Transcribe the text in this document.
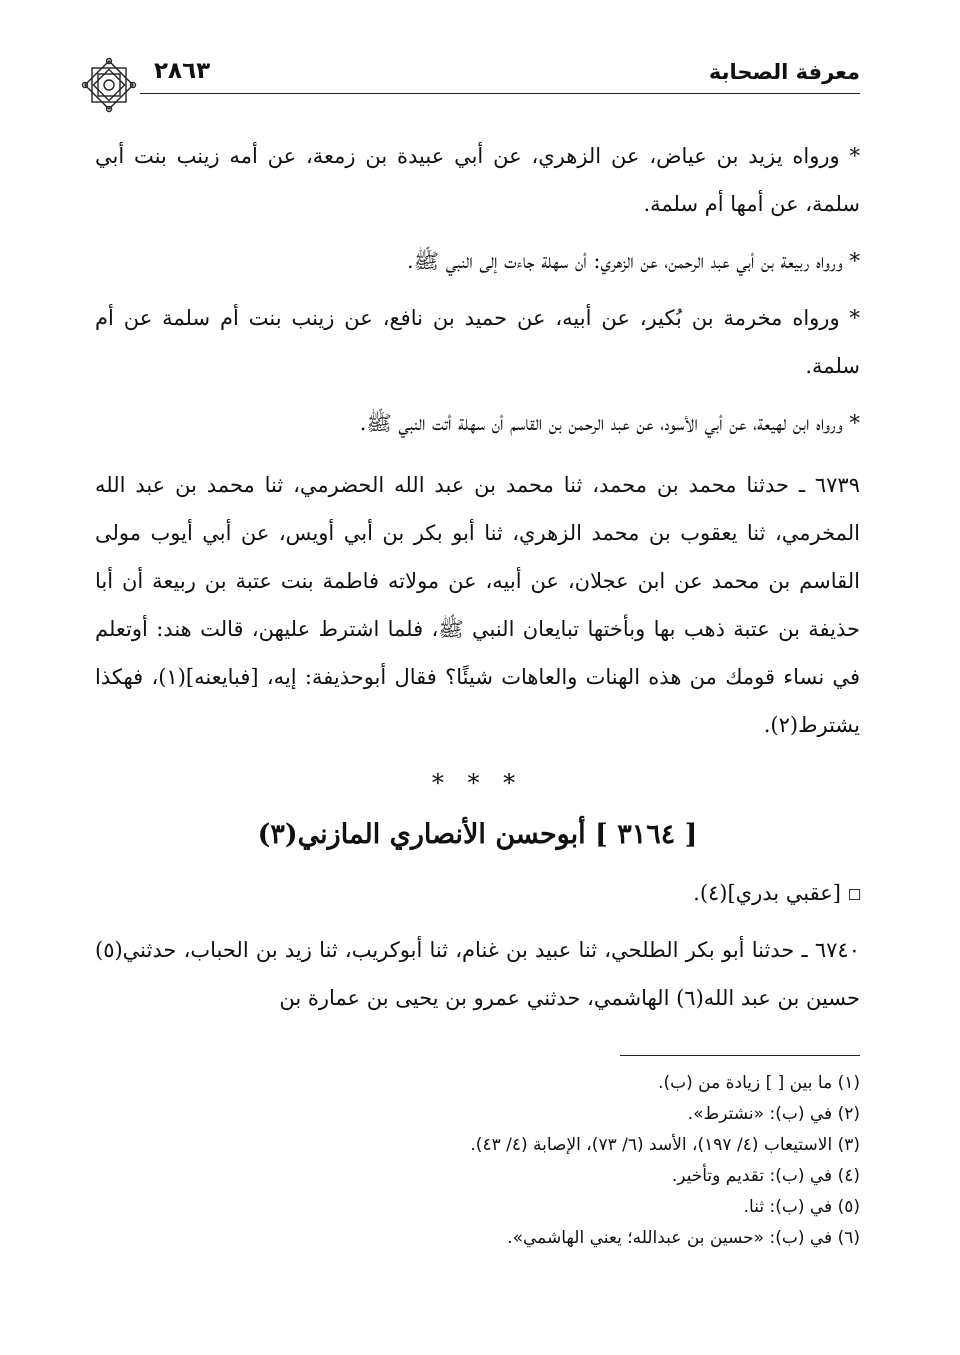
معرفة الصحابة
٢٨٦٣

* ورواه يزيد بن عياض، عن الزهري، عن أبي عبيدة بن زمعة، عن أمه زينب بنت أبي سلمة، عن أمها أم سلمة.

* ورواه ربيعة بن أبي عبد الرحمن، عن الزهري: أن سهلة جاءت إلى النبي ﷺ.

* ورواه مخرمة بن بُكير، عن أبيه، عن حميد بن نافع، عن زينب بنت أم سلمة عن أم سلمة.

* ورواه ابن لهيعة، عن أبي الأسود، عن عبد الرحمن بن القاسم أن سهلة أتت النبي ﷺ.

٦٧٣٩ ـ حدثنا محمد بن محمد، ثنا محمد بن عبد الله الحضرمي، ثنا محمد بن عبد الله المخرمي، ثنا يعقوب بن محمد الزهري، ثنا أبو بكر بن أبي أويس، عن أبي أيوب مولى القاسم بن محمد عن ابن عجلان، عن أبيه، عن مولاته فاطمة بنت عتبة بن ربيعة أن أبا حذيفة بن عتبة ذهب بها وبأختها تبايعان النبي ﷺ، فلما اشترط عليهن، قالت هند: أوتعلم في نساء قومك من هذه الهنات والعاهات شيئًا؟ فقال أبوحذيفة: إيه، [فبايعنه](١)، فهكذا يشترط(٢).

* * *
[ ٣١٦٤ ] أبوحسن الأنصاري المازني(٣)

[عقبي بدري](٤).

٦٧٤٠ ـ حدثنا أبو بكر الطلحي، ثنا عبيد بن غنام، ثنا أبوكريب، ثنا زيد بن الحباب، حدثني(٥) حسين بن عبد الله(٦) الهاشمي، حدثني عمرو بن يحيى بن عمارة بن

(١) ما بين [ ] زيادة من (ب).

(٢) في (ب): «نشترط».

(٣) الاستيعاب (٤/ ١٩٧)، الأسد (٦/ ٧٣)، الإصابة (٤/ ٤٣).

(٤) في (ب): تقديم وتأخير.

(٥) في (ب): ثنا.

(٦) في (ب): «حسين بن عبدالله؛ يعني الهاشمي».
